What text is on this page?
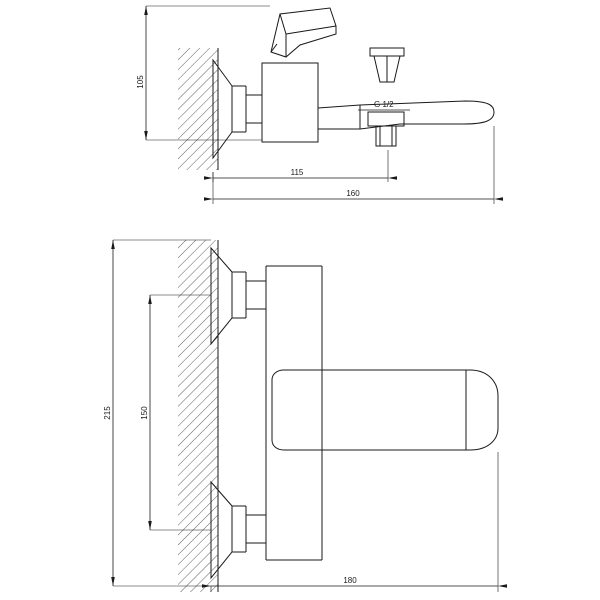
G 1/2
105
115
160
215	150
180
